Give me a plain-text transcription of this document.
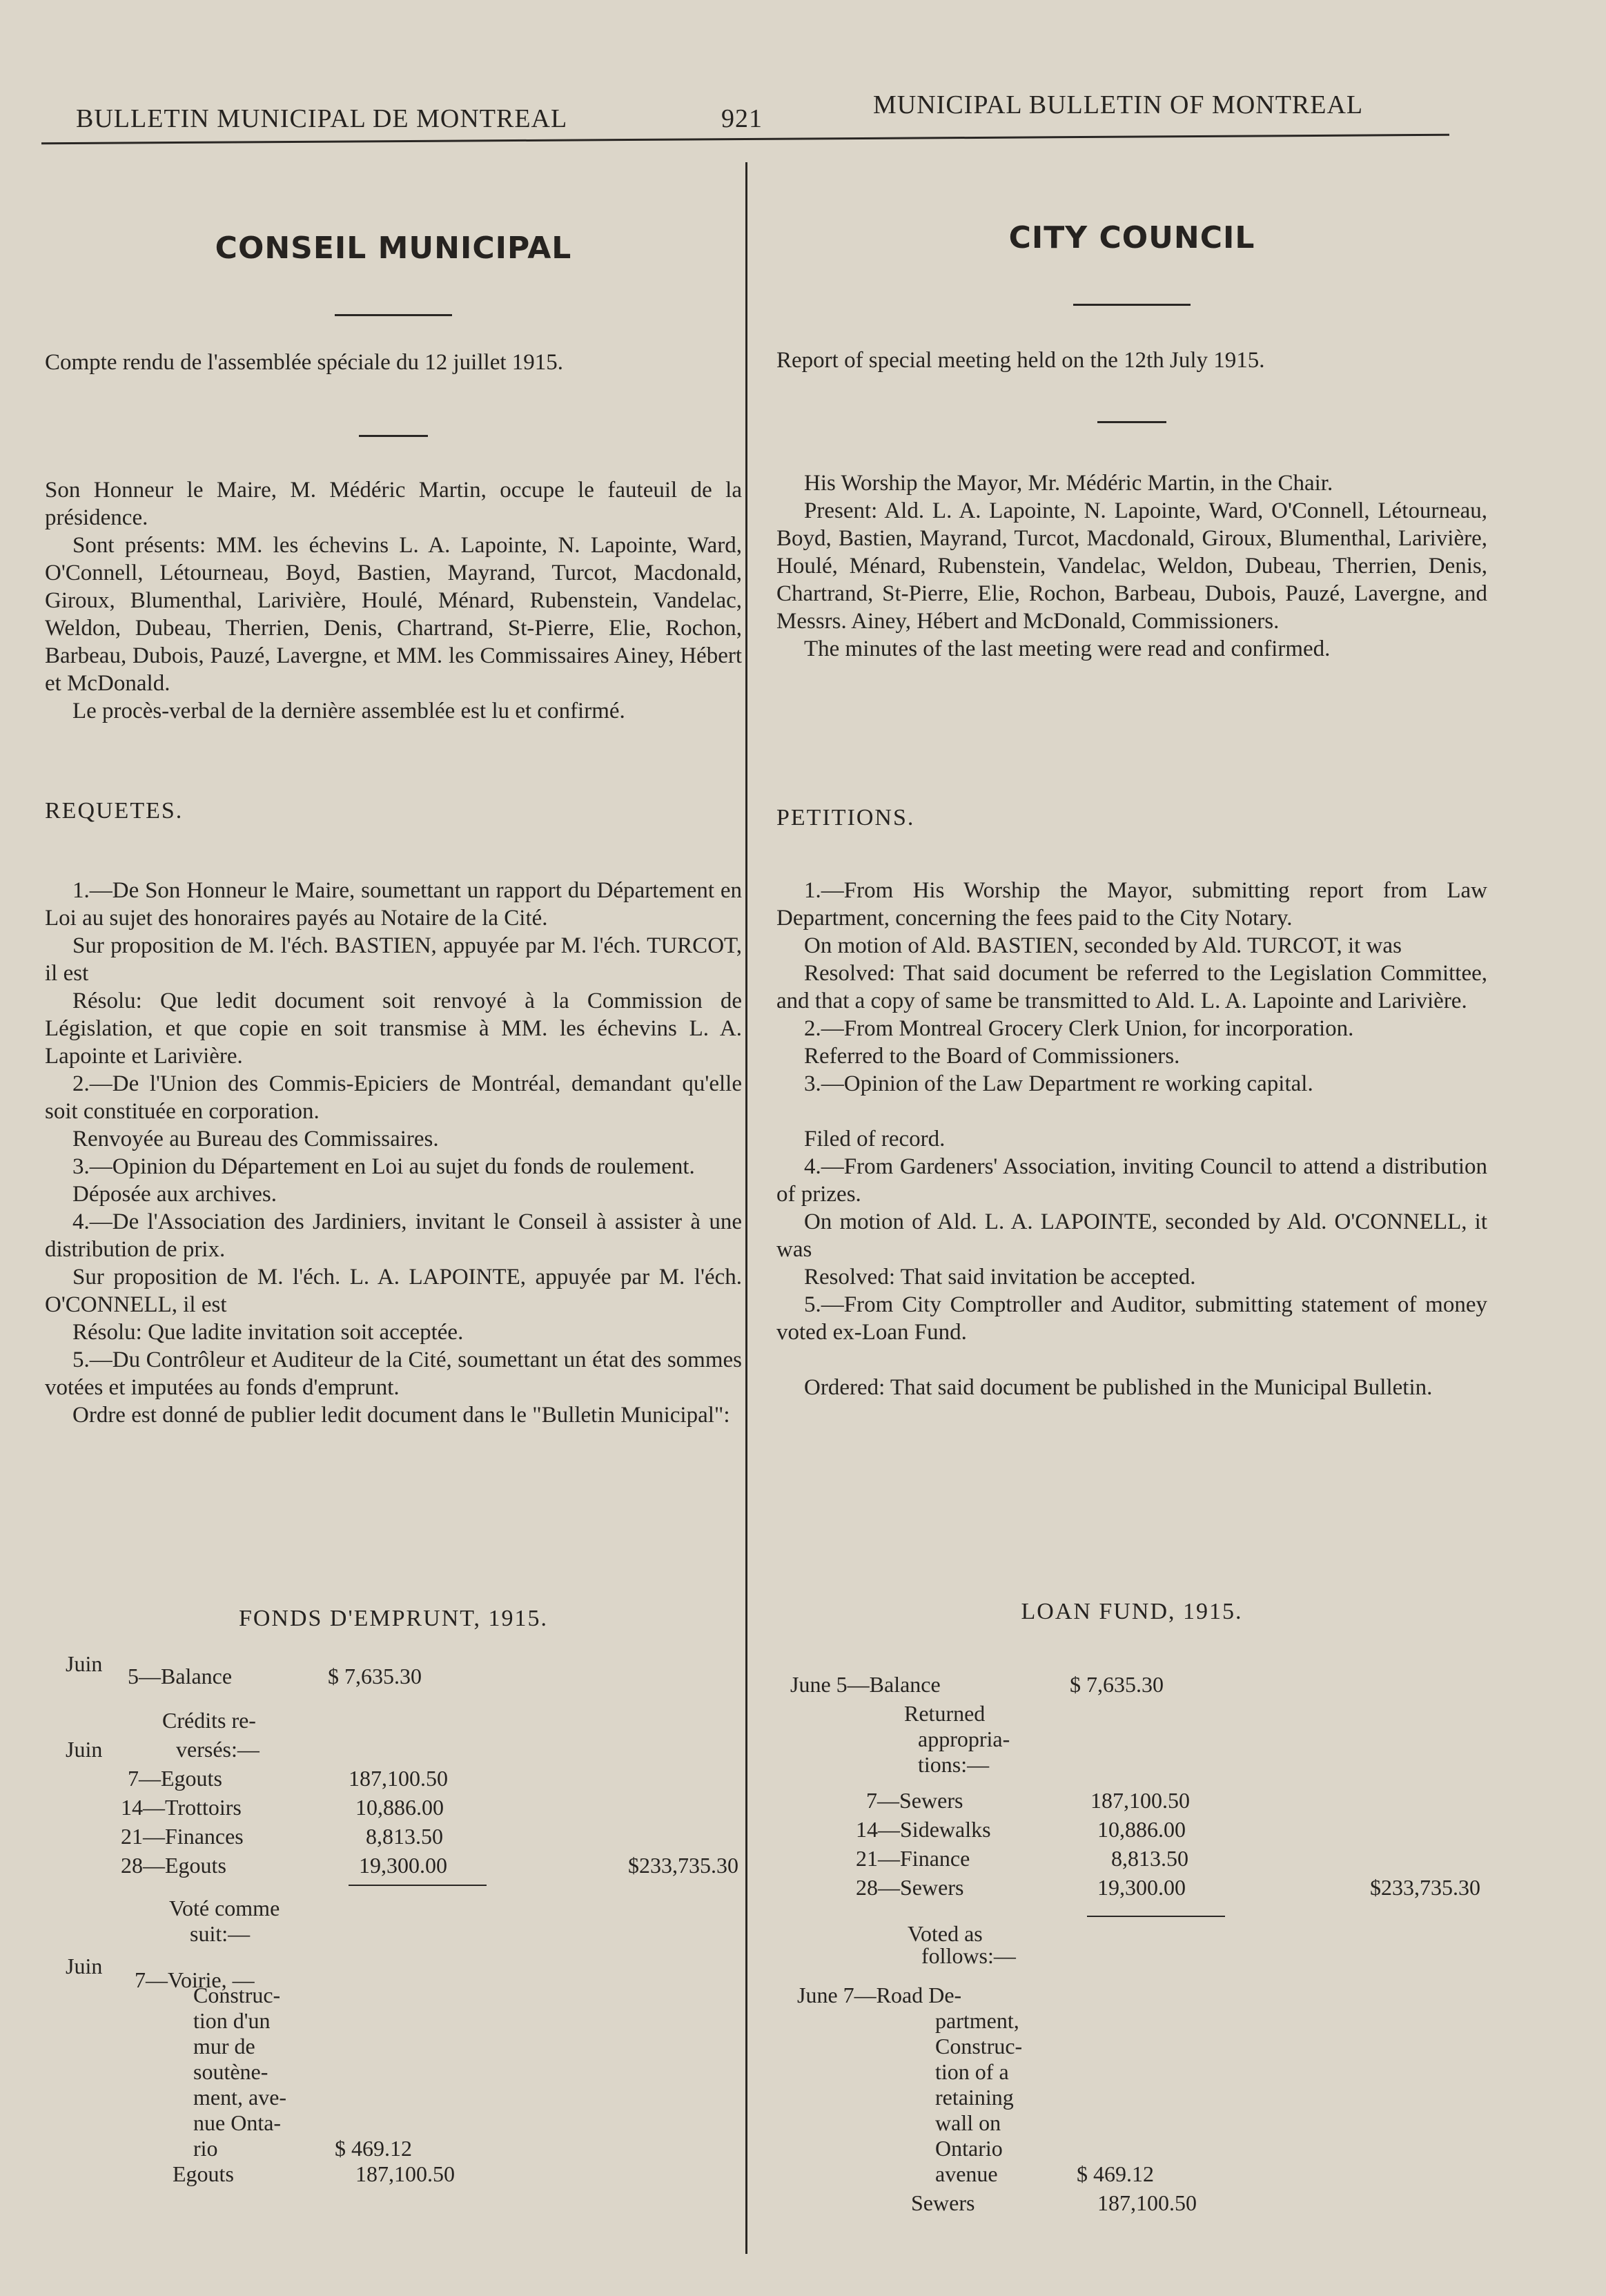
BULLETIN MUNICIPAL DE MONTREAL	921	MUNICIPAL BULLETIN OF MONTREAL

CONSEIL MUNICIPAL

Compte rendu de l'assemblée spéciale du 12 juillet 1915.

Son Honneur le Maire, M. Médéric Martin, occupe le fauteuil de la présidence.

Sont présents: MM. les échevins L. A. Lapointe, N. Lapointe, Ward, O'Connell, Létourneau, Boyd, Bastien, Mayrand, Turcot, Macdonald, Giroux, Blumenthal, Larivière, Houlé, Ménard, Rubenstein, Vandelac, Weldon, Dubeau, Therrien, Denis, Chartrand, St-Pierre, Elie, Rochon, Barbeau, Dubois, Pauzé, Lavergne, et MM. les Commissaires Ainey, Hébert et McDonald.

Le procès-verbal de la dernière assemblée est lu et confirmé.

REQUETES.

1.—De Son Honneur le Maire, soumettant un rapport du Département en Loi au sujet des honoraires payés au Notaire de la Cité.

Sur proposition de M. l'éch. BASTIEN, appuyée par M. l'éch. TURCOT, il est

Résolu: Que ledit document soit renvoyé à la Commission de Législation, et que copie en soit transmise à MM. les échevins L. A. Lapointe et Larivière.

2.—De l'Union des Commis-Epiciers de Montréal, demandant qu'elle soit constituée en corporation.

Renvoyée au Bureau des Commissaires.

3.—Opinion du Département en Loi au sujet du fonds de roulement.

Déposée aux archives.

4.—De l'Association des Jardiniers, invitant le Conseil à assister à une distribution de prix.

Sur proposition de M. l'éch. L. A. LAPOINTE, appuyée par M. l'éch. O'CONNELL, il est

Résolu: Que ladite invitation soit acceptée.

5.—Du Contrôleur et Auditeur de la Cité, soumettant un état des sommes votées et imputées au fonds d'emprunt.

Ordre est donné de publier ledit document dans le "Bulletin Municipal":

FONDS D'EMPRUNT, 1915.

Juin 5—Balance	$ 7,635.30
Crédits re-
Juin	versés:—
7—Egouts	187,100.50
14—Trottoirs	10,886.00
21—Finances	8,813.50
28—Egouts	19,300.00	$233,735.30
Voté comme
suit:—
Juin
7—Voirie, —
Construc-
tion d'un
mur de
soutène-
ment, ave-
nue Onta-
rio	$ 469.12
Egouts	187,100.50

CITY COUNCIL

Report of special meeting held on the 12th July 1915.

His Worship the Mayor, Mr. Médéric Martin, in the Chair.

Present: Ald. L. A. Lapointe, N. Lapointe, Ward, O'Connell, Létourneau, Boyd, Bastien, Mayrand, Turcot, Macdonald, Giroux, Blumenthal, Larivière, Houlé, Ménard, Rubenstein, Vandelac, Weldon, Dubeau, Therrien, Denis, Chartrand, St-Pierre, Elie, Rochon, Barbeau, Dubois, Pauzé, Lavergne, and Messrs. Ainey, Hébert and McDonald, Commissioners.

The minutes of the last meeting were read and confirmed.

PETITIONS.

1.—From His Worship the Mayor, submitting report from Law Department, concerning the fees paid to the City Notary.

On motion of Ald. BASTIEN, seconded by Ald. TURCOT, it was

Resolved: That said document be referred to the Legislation Committee, and that a copy of same be transmitted to Ald. L. A. Lapointe and Larivière.

2.—From Montreal Grocery Clerk Union, for incorporation.

Referred to the Board of Commissioners.

3.—Opinion of the Law Department re working capital.

Filed of record.

4.—From Gardeners' Association, inviting Council to attend a distribution of prizes.

On motion of Ald. L. A. LAPOINTE, seconded by Ald. O'CONNELL, it was

Resolved: That said invitation be accepted.

5.—From City Comptroller and Auditor, submitting statement of money voted ex-Loan Fund.

Ordered: That said document be published in the Municipal Bulletin.

LOAN FUND, 1915.

June 5—Balance	$ 7,635.30
Returned
appropria-
tions:—
7—Sewers	187,100.50
14—Sidewalks	10,886.00
21—Finance	8,813.50
28—Sewers	19,300.00	$233,735.30
Voted as
follows:—
June 7—Road De-
partment,
Construc-
tion of a
retaining
wall on
Ontario
avenue	$ 469.12
Sewers	187,100.50
